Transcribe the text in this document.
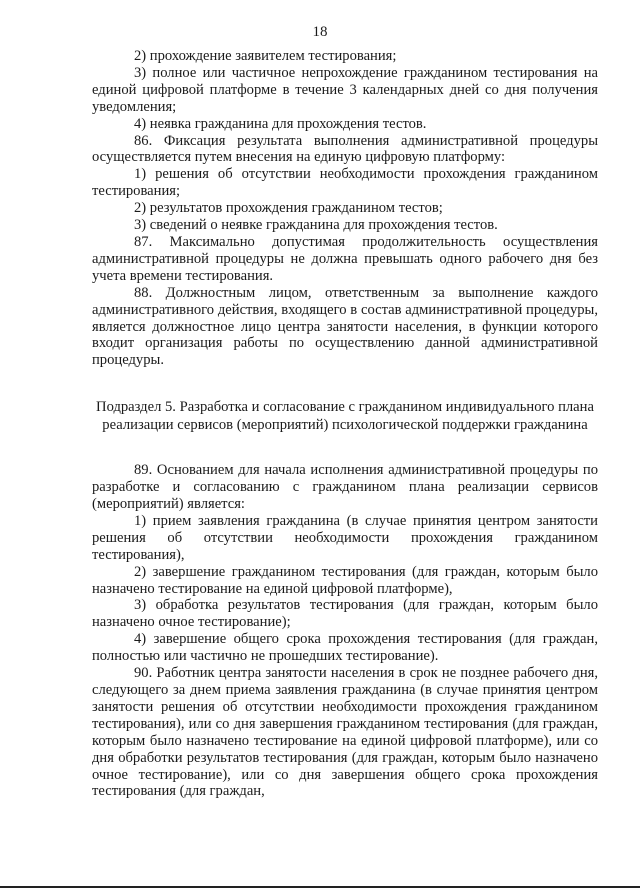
18

2) прохождение заявителем тестирования;

3) полное или частичное непрохождение гражданином тестирования на единой цифровой платформе в течение 3 календарных дней со дня получения уведомления;

4) неявка гражданина для прохождения тестов.

86. Фиксация результата выполнения административной процедуры осуществляется путем внесения на единую цифровую платформу:

1) решения об отсутствии необходимости прохождения гражданином тестирования;

2) результатов прохождения гражданином тестов;

3) сведений о неявке гражданина для прохождения тестов.

87. Максимально допустимая продолжительность осуществления административной процедуры не должна превышать одного рабочего дня без учета времени тестирования.

88. Должностным лицом, ответственным за выполнение каждого административного действия, входящего в состав административной процедуры, является должностное лицо центра занятости населения, в функции которого входит организация работы по осуществлению данной административной процедуры.

Подраздел 5. Разработка и согласование с гражданином индивидуального плана реализации сервисов (мероприятий) психологической поддержки гражданина

89. Основанием для начала исполнения административной процедуры по разработке и согласованию с гражданином плана реализации сервисов (мероприятий) является:

1) прием заявления гражданина (в случае принятия центром занятости решения об отсутствии необходимости прохождения гражданином тестирования),

2) завершение гражданином тестирования (для граждан, которым было назначено тестирование на единой цифровой платформе),

3) обработка результатов тестирования (для граждан, которым было назначено очное тестирование);

4) завершение общего срока прохождения тестирования (для граждан, полностью или частично не прошедших тестирование).

90. Работник центра занятости населения в срок не позднее рабочего дня, следующего за днем приема заявления гражданина (в случае принятия центром занятости решения об отсутствии необходимости прохождения гражданином тестирования), или со дня завершения гражданином тестирования (для граждан, которым было назначено тестирование на единой цифровой платформе), или со дня обработки результатов тестирования (для граждан, которым было назначено очное тестирование), или со дня завершения общего срока прохождения тестирования (для граждан,
